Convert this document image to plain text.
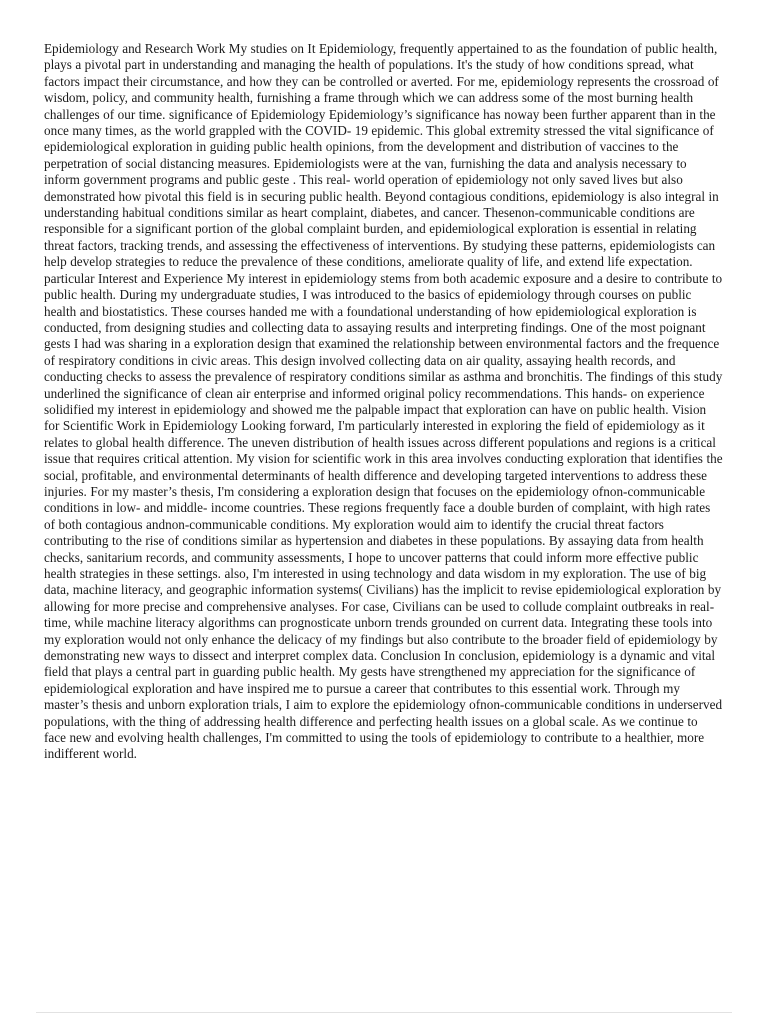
Epidemiology and Research Work My studies on It Epidemiology, frequently appertained to as the foundation of public health, plays a pivotal part in understanding and managing the health of populations. It's the study of how conditions spread, what factors impact their circumstance, and how they can be controlled or averted. For me, epidemiology represents the crossroad of wisdom, policy, and community health, furnishing a frame through which we can address some of the most burning health challenges of our time. significance of Epidemiology Epidemiology’s significance has noway been further apparent than in the once many times, as the world grappled with the COVID- 19 epidemic. This global extremity stressed the vital significance of epidemiological exploration in guiding public health opinions, from the development and distribution of vaccines to the perpetration of social distancing measures. Epidemiologists were at the van, furnishing the data and analysis necessary to inform government programs and public geste . This real- world operation of epidemiology not only saved lives but also demonstrated how pivotal this field is in securing public health. Beyond contagious conditions, epidemiology is also integral in understanding habitual conditions similar as heart complaint, diabetes, and cancer. Thesenon-communicable conditions are responsible for a significant portion of the global complaint burden, and epidemiological exploration is essential in relating threat factors, tracking trends, and assessing the effectiveness of interventions. By studying these patterns, epidemiologists can help develop strategies to reduce the prevalence of these conditions, ameliorate quality of life, and extend life expectation. particular Interest and Experience My interest in epidemiology stems from both academic exposure and a desire to contribute to public health. During my undergraduate studies, I was introduced to the basics of epidemiology through courses on public health and biostatistics. These courses handed me with a foundational understanding of how epidemiological exploration is conducted, from designing studies and collecting data to assaying results and interpreting findings. One of the most poignant gests I had was sharing in a exploration design that examined the relationship between environmental factors and the frequence of respiratory conditions in civic areas. This design involved collecting data on air quality, assaying health records, and conducting checks to assess the prevalence of respiratory conditions similar as asthma and bronchitis. The findings of this study underlined the significance of clean air enterprise and informed original policy recommendations. This hands- on experience solidified my interest in epidemiology and showed me the palpable impact that exploration can have on public health. Vision for Scientific Work in Epidemiology Looking forward, I'm particularly interested in exploring the field of epidemiology as it relates to global health difference. The uneven distribution of health issues across different populations and regions is a critical issue that requires critical attention. My vision for scientific work in this area involves conducting exploration that identifies the social, profitable, and environmental determinants of health difference and developing targeted interventions to address these injuries. For my master’s thesis, I'm considering a exploration design that focuses on the epidemiology ofnon-communicable conditions in low- and middle- income countries. These regions frequently face a double burden of complaint, with high rates of both contagious andnon-communicable conditions. My exploration would aim to identify the crucial threat factors contributing to the rise of conditions similar as hypertension and diabetes in these populations. By assaying data from health checks, sanitarium records, and community assessments, I hope to uncover patterns that could inform more effective public health strategies in these settings. also, I'm interested in using technology and data wisdom in my exploration. The use of big data, machine literacy, and geographic information systems( Civilians) has the implicit to revise epidemiological exploration by allowing for more precise and comprehensive analyses. For case, Civilians can be used to collude complaint outbreaks in real- time, while machine literacy algorithms can prognosticate unborn trends grounded on current data. Integrating these tools into my exploration would not only enhance the delicacy of my findings but also contribute to the broader field of epidemiology by demonstrating new ways to dissect and interpret complex data. Conclusion In conclusion, epidemiology is a dynamic and vital field that plays a central part in guarding public health. My gests have strengthened my appreciation for the significance of epidemiological exploration and have inspired me to pursue a career that contributes to this essential work. Through my master’s thesis and unborn exploration trials, I aim to explore the epidemiology ofnon-communicable conditions in underserved populations, with the thing of addressing health difference and perfecting health issues on a global scale. As we continue to face new and evolving health challenges, I'm committed to using the tools of epidemiology to contribute to a healthier, more indifferent world.
